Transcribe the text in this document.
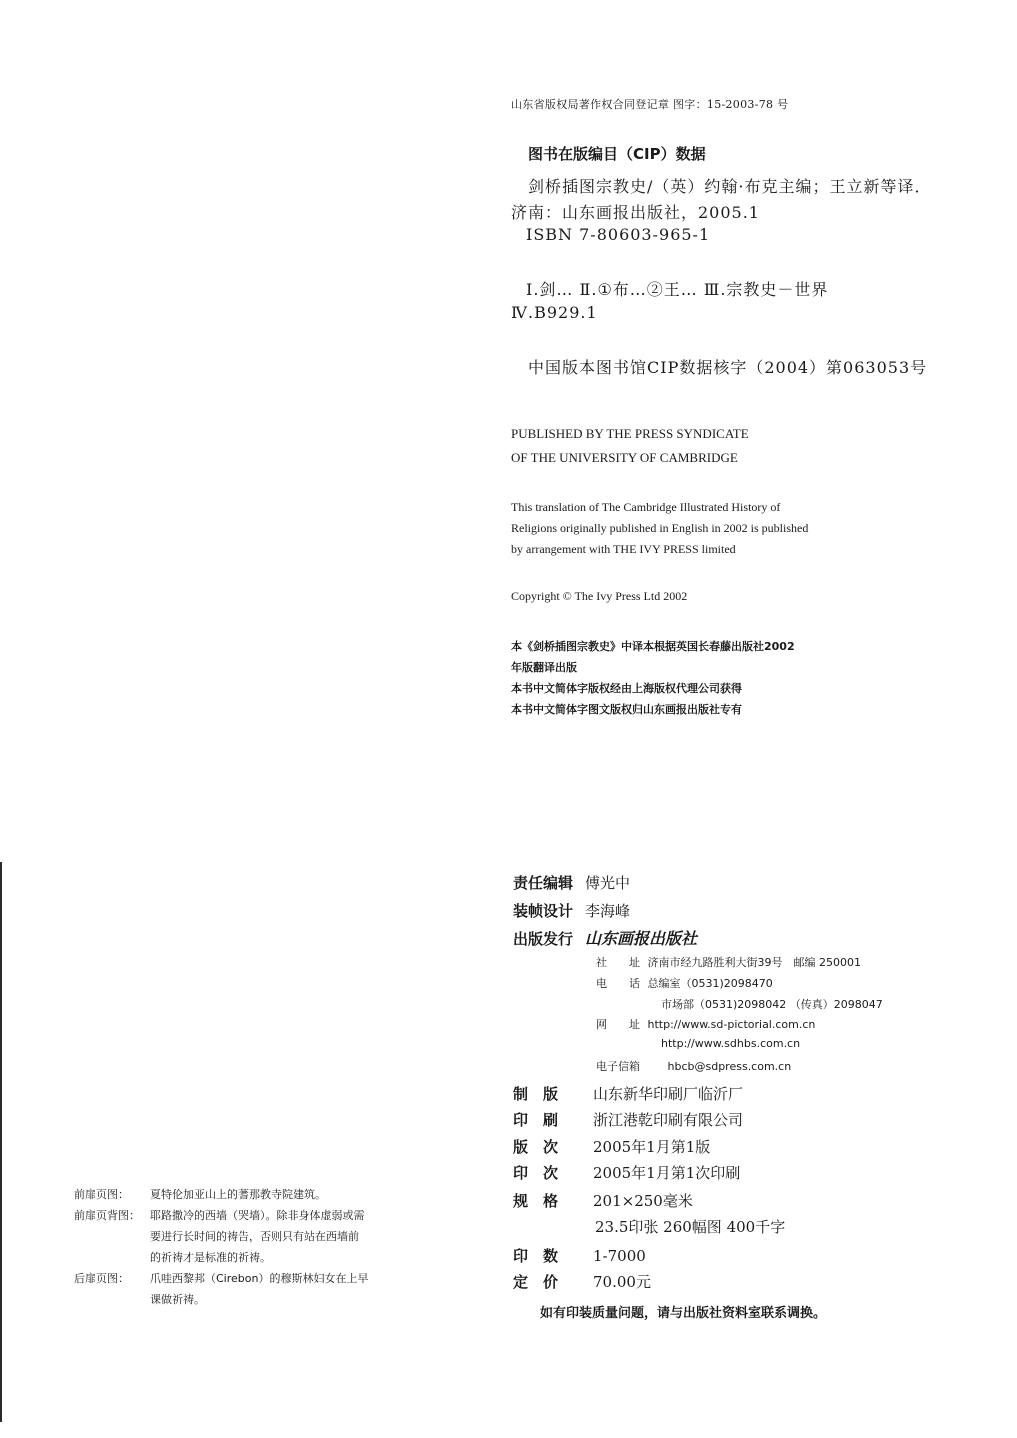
山东省版权局著作权合同登记章 图字：15-2003-78 号
图书在版编目（CIP）数据
剑桥插图宗教史/（英）约翰·布克主编；王立新等译．
济南：山东画报出版社，2005.1
ISBN 7-80603-965-1
Ⅰ.剑… Ⅱ.①布…②王… Ⅲ.宗教史－世界
Ⅳ.B929.1
中国版本图书馆CIP数据核字（2004）第063053号
PUBLISHED BY THE PRESS SYNDICATE
OF THE UNIVERSITY OF CAMBRIDGE
This translation of The Cambridge Illustrated History of
Religions originally published in English in 2002 is published
by arrangement with THE IVY PRESS limited
Copyright © The Ivy Press Ltd 2002
本《剑桥插图宗教史》中译本根据英国长春藤出版社2002
年版翻译出版
本书中文简体字版权经由上海版权代理公司获得
本书中文简体字图文版权归山东画报出版社专有
责任编辑 傅光中
装帧设计 李海峰
出版发行 山东画报出版社
社　　址 济南市经九路胜利大街39号　邮编 250001
电　　话 总编室（0531)2098470
市场部（0531)2098042 （传真）2098047
网　　址 http://www.sd-pictorial.com.cn
http://www.sdhbs.com.cn
电子信箱	hbcb@sdpress.com.cn
制　版	山东新华印刷厂临沂厂
印　刷	浙江港乾印刷有限公司
版　次	2005年1月第1版
印　次	2005年1月第1次印刷
规　格	201×250毫米
23.5印张 260幅图 400千字
印　数	1-7000
定　价	70.00元
如有印装质量问题，请与出版社资料室联系调换。
前扉页图： 夏特伦加亚山上的蓍那教寺院建筑。
前扉页背图： 耶路撒冷的西墙（哭墙）。除非身体虚弱或需
要进行长时间的祷告，否则只有站在西墙前
的祈祷才是标准的祈祷。
后扉页图： 爪哇西黎邦（Cirebon）的穆斯林妇女在上早
课做祈祷。
